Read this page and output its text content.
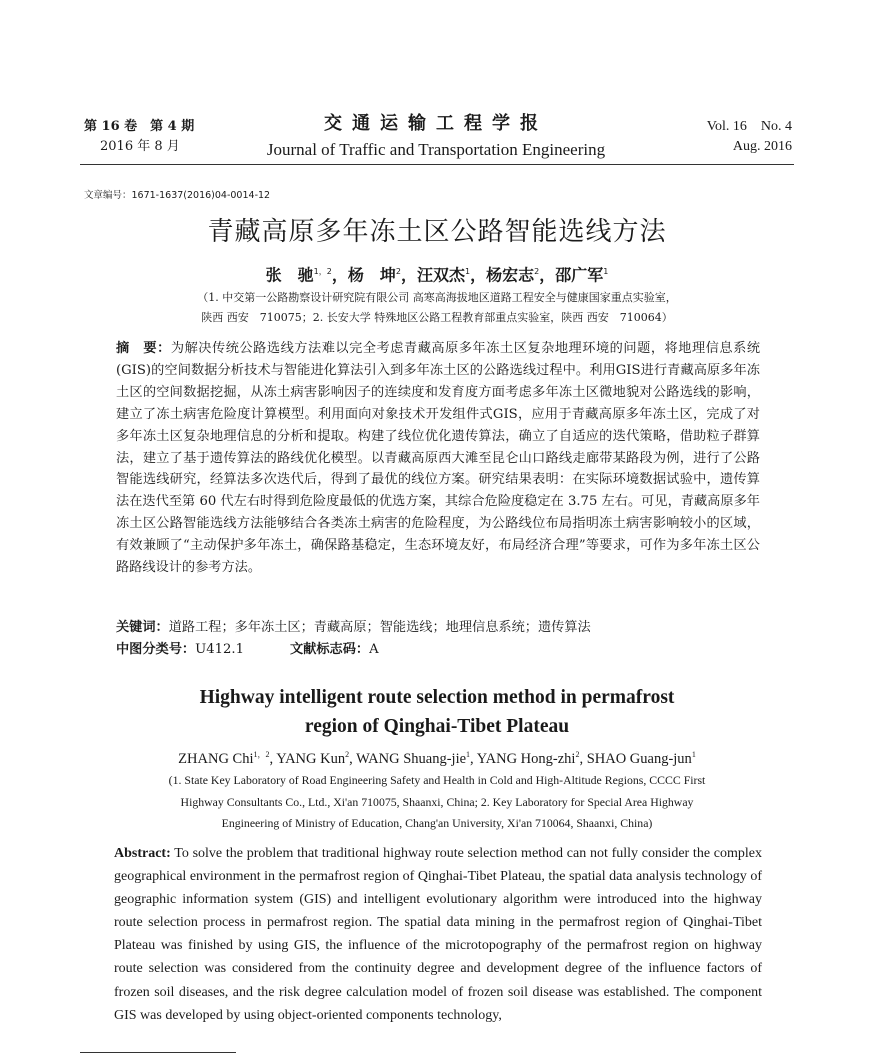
第 16 卷　第 4 期
2016 年 8 月
交通运输工程学报
Journal of Traffic and Transportation Engineering
Vol. 16　No. 4
Aug. 2016
文章编号：1671-1637(2016)04-0014-12
青藏高原多年冻土区公路智能选线方法
张　驰$^{1,2}$，杨　坤$^2$，汪双杰$^1$，杨宏志$^2$，邵广军$^1$
（1. 中交第一公路勘察设计研究院有限公司 高寒高海拔地区道路工程安全与健康国家重点实验室，
陕西 西安　710075；2. 长安大学 特殊地区公路工程教育部重点实验室，陕西 西安　710064）
摘　要：为解决传统公路选线方法难以完全考虑青藏高原多年冻土区复杂地理环境的问题，将地理信息系统(GIS)的空间数据分析技术与智能进化算法引入到多年冻土区的公路选线过程中。利用GIS进行青藏高原多年冻土区的空间数据挖掘，从冻土病害影响因子的连续度和发育度方面考虑多年冻土区微地貌对公路选线的影响，建立了冻土病害危险度计算模型。利用面向对象技术开发组件式GIS，应用于青藏高原多年冻土区，完成了对多年冻土区复杂地理信息的分析和提取。构建了线位优化遗传算法，确立了自适应的迭代策略，借助粒子群算法，建立了基于遗传算法的路线优化模型。以青藏高原西大滩至昆仑山口路线走廊带某路段为例，进行了公路智能选线研究，经算法多次迭代后，得到了最优的线位方案。研究结果表明：在实际环境数据试验中，遗传算法在迭代至第 60 代左右时得到危险度最低的优选方案，其综合危险度稳定在 3.75 左右。可见，青藏高原多年冻土区公路智能选线方法能够结合各类冻土病害的危险程度，为公路线位布局指明冻土病害影响较小的区域，有效兼顾了“主动保护多年冻土，确保路基稳定，生态环境友好，布局经济合理”等要求，可作为多年冻土区公路路线设计的参考方法。
关键词：道路工程；多年冻土区；青藏高原；智能选线；地理信息系统；遗传算法
中图分类号：U412.1	文献标志码：A
Highway intelligent route selection method in permafrost
region of Qinghai-Tibet Plateau
ZHANG Chi$^{1,2}$, YANG Kun$^2$, WANG Shuang-jie$^1$, YANG Hong-zhi$^2$, SHAO Guang-jun$^1$
(1. State Key Laboratory of Road Engineering Safety and Health in Cold and High-Altitude Regions, CCCC First
Highway Consultants Co., Ltd., Xi'an 710075, Shaanxi, China; 2. Key Laboratory for Special Area Highway
Engineering of Ministry of Education, Chang'an University, Xi'an 710064, Shaanxi, China)
Abstract: To solve the problem that traditional highway route selection method can not fully consider the complex geographical environment in the permafrost region of Qinghai-Tibet Plateau, the spatial data analysis technology of geographic information system (GIS) and intelligent evolutionary algorithm were introduced into the highway route selection process in permafrost region. The spatial data mining in the permafrost region of Qinghai-Tibet Plateau was finished by using GIS, the influence of the microtopography of the permafrost region on highway route selection was considered from the continuity degree and development degree of the influence factors of frozen soil diseases, and the risk degree calculation model of frozen soil disease was established. The component GIS was developed by using object-oriented components technology,
